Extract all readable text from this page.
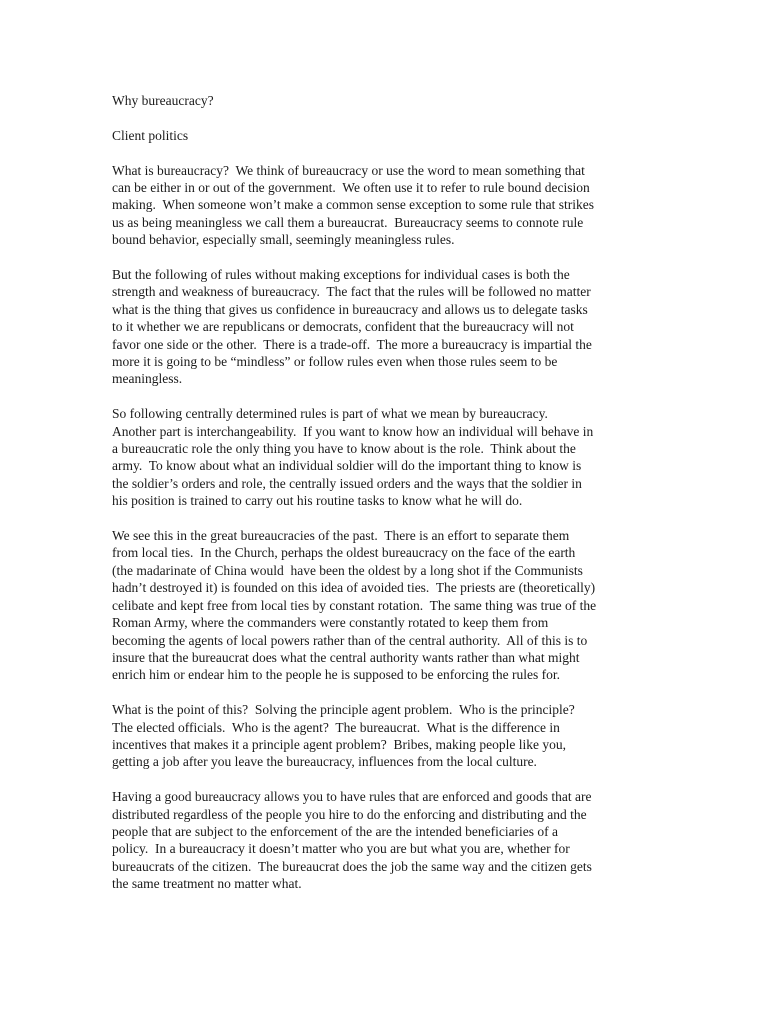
Why bureaucracy?

Client politics

What is bureaucracy?  We think of bureaucracy or use the word to mean something that
can be either in or out of the government.  We often use it to refer to rule bound decision
making.  When someone won’t make a common sense exception to some rule that strikes
us as being meaningless we call them a bureaucrat.  Bureaucracy seems to connote rule
bound behavior, especially small, seemingly meaningless rules.

But the following of rules without making exceptions for individual cases is both the
strength and weakness of bureaucracy.  The fact that the rules will be followed no matter
what is the thing that gives us confidence in bureaucracy and allows us to delegate tasks
to it whether we are republicans or democrats, confident that the bureaucracy will not
favor one side or the other.  There is a trade-off.  The more a bureaucracy is impartial the
more it is going to be “mindless” or follow rules even when those rules seem to be
meaningless.

So following centrally determined rules is part of what we mean by bureaucracy.
Another part is interchangeability.  If you want to know how an individual will behave in
a bureaucratic role the only thing you have to know about is the role.  Think about the
army.  To know about what an individual soldier will do the important thing to know is
the soldier’s orders and role, the centrally issued orders and the ways that the soldier in
his position is trained to carry out his routine tasks to know what he will do.

We see this in the great bureaucracies of the past.  There is an effort to separate them
from local ties.  In the Church, perhaps the oldest bureaucracy on the face of the earth
(the madarinate of China would  have been the oldest by a long shot if the Communists
hadn’t destroyed it) is founded on this idea of avoided ties.  The priests are (theoretically)
celibate and kept free from local ties by constant rotation.  The same thing was true of the
Roman Army, where the commanders were constantly rotated to keep them from
becoming the agents of local powers rather than of the central authority.  All of this is to
insure that the bureaucrat does what the central authority wants rather than what might
enrich him or endear him to the people he is supposed to be enforcing the rules for.

What is the point of this?  Solving the principle agent problem.  Who is the principle?
The elected officials.  Who is the agent?  The bureaucrat.  What is the difference in
incentives that makes it a principle agent problem?  Bribes, making people like you,
getting a job after you leave the bureaucracy, influences from the local culture.

Having a good bureaucracy allows you to have rules that are enforced and goods that are
distributed regardless of the people you hire to do the enforcing and distributing and the
people that are subject to the enforcement of the are the intended beneficiaries of a
policy.  In a bureaucracy it doesn’t matter who you are but what you are, whether for
bureaucrats of the citizen.  The bureaucrat does the job the same way and the citizen gets
the same treatment no matter what.
